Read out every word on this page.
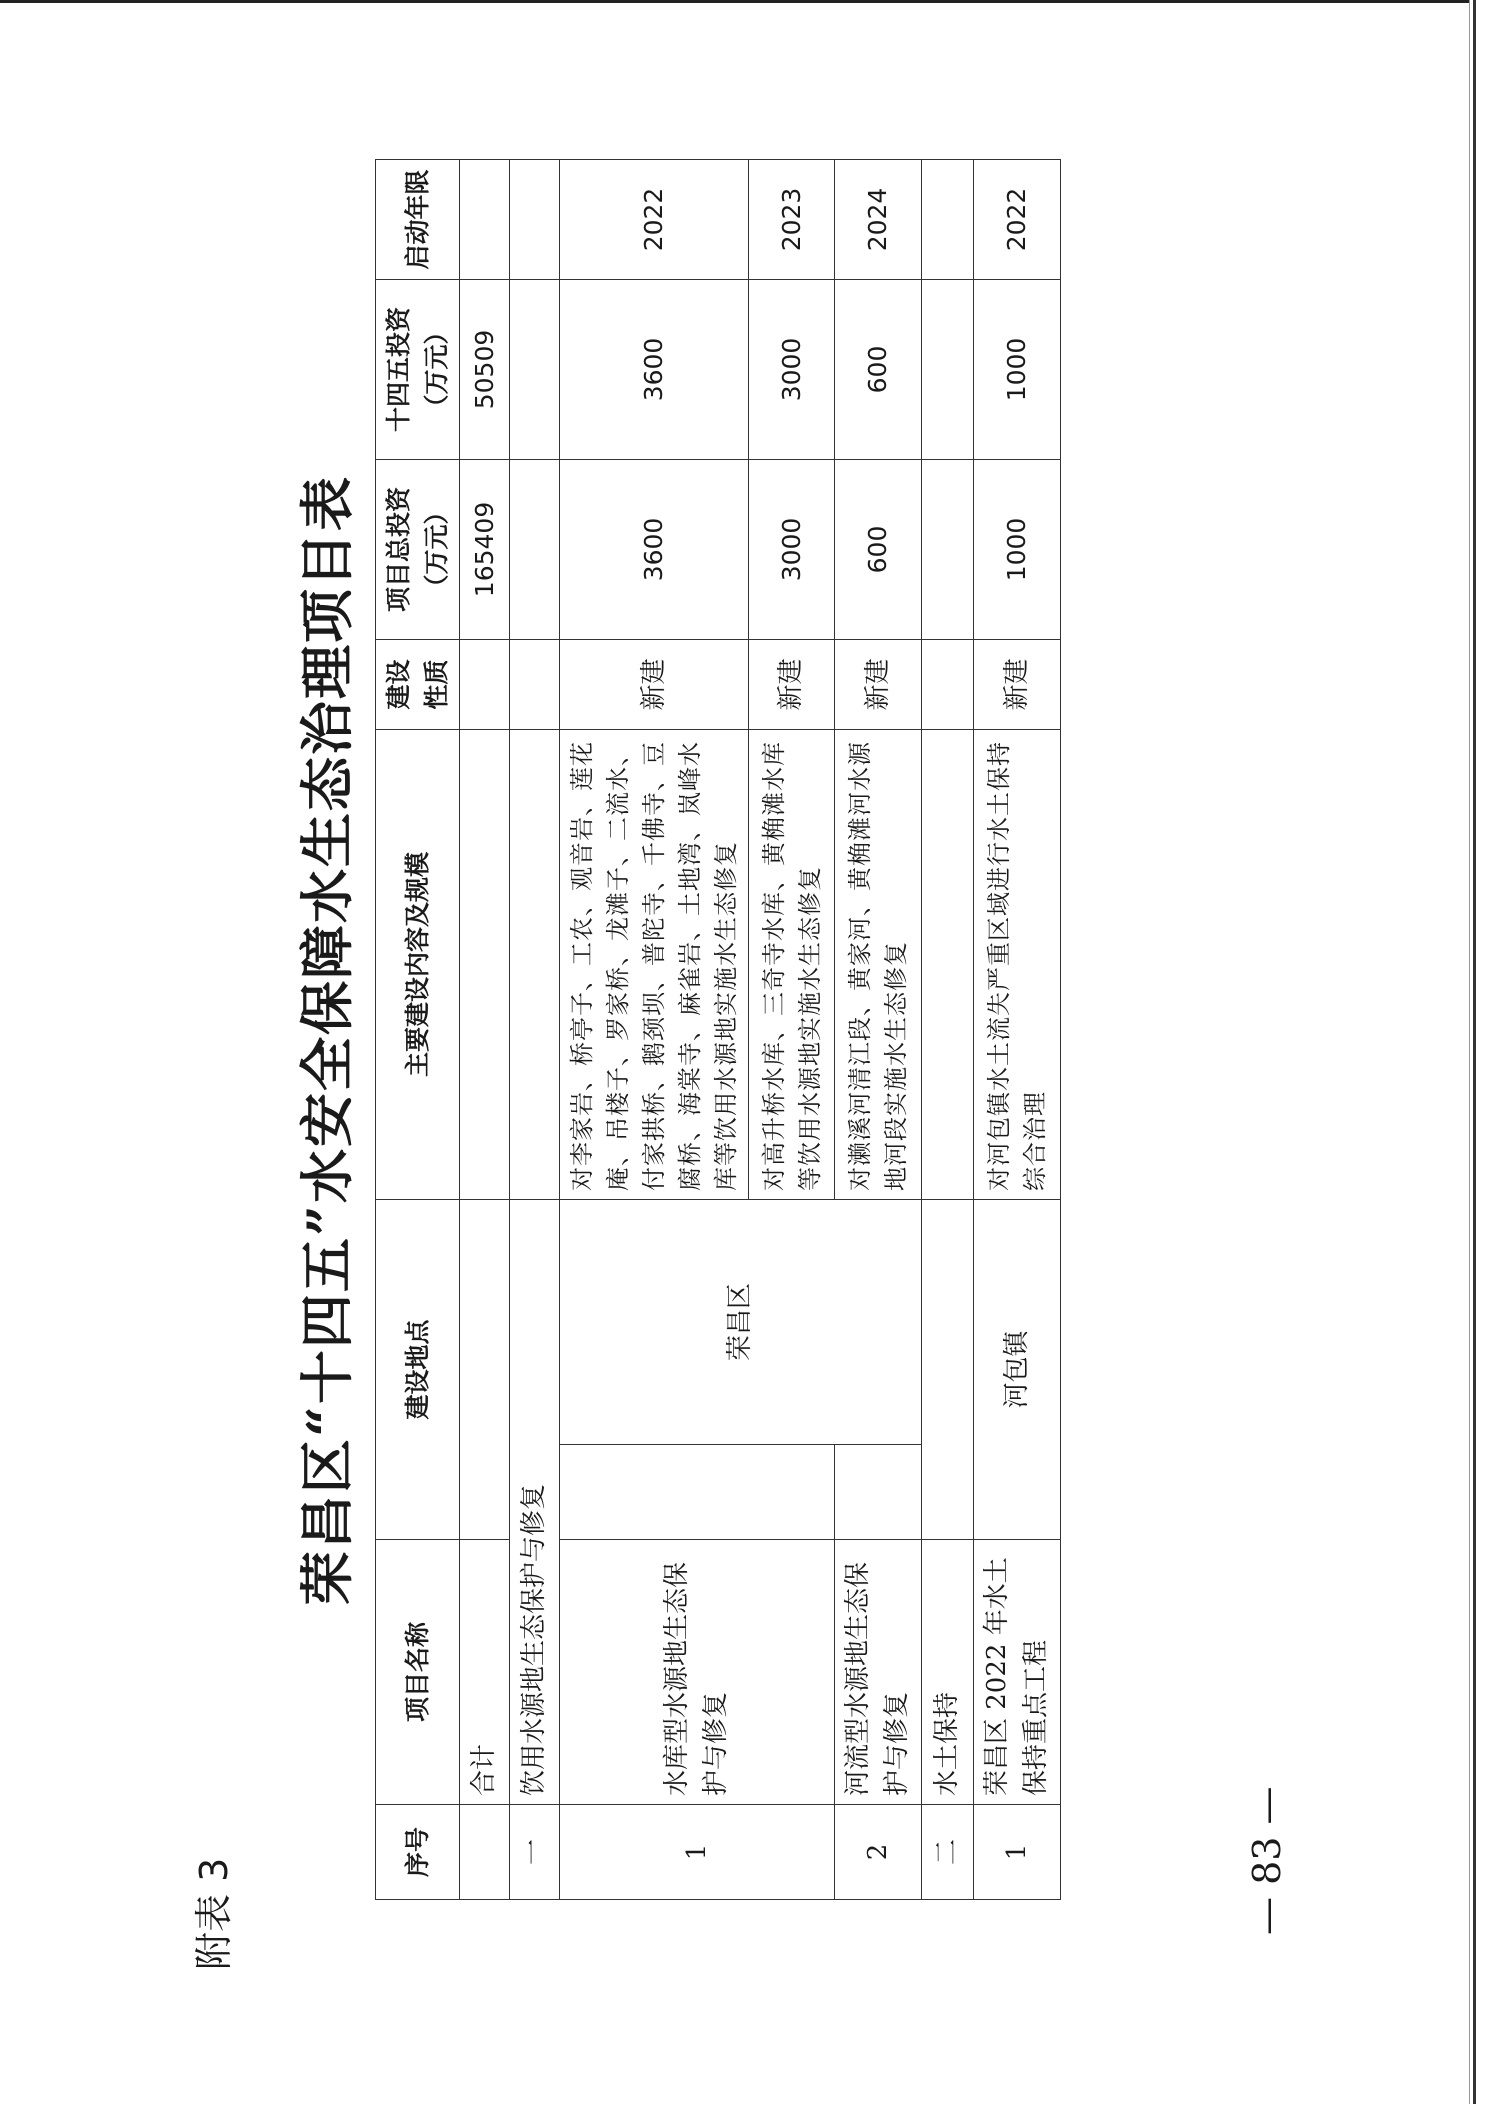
附表 3
荣昌区“十四五”水安全保障水生态治理项目表
序号	项目名称	建设地点		主要建设内容及规模	建设性质	项目总投资（万元）	十四五投资（万元）	启动年限
	合计					165409	50509	
一	饮用水源地生态保护与修复							
1	水库型水源地生态保护与修复		荣昌区	对李家岩、桥亭子、工农、观音岩、莲花庵、吊楼子、罗家桥、龙滩子、二流水、付家拱桥、鹅颈坝、普陀寺、千佛寺、豆腐桥、海棠寺、麻雀岩、土地湾、岚峰水库等饮用水源地实施水生态修复	新建	3600	3600	2022
				对高升桥水库、三奇寺水库、黄桷滩水库等饮用水源地实施水生态修复	新建	3000	3000	2023
2	河流型水源地生态保护与修复			对濑溪河清江段、黄家河、黄桷滩河水源地河段实施水生态修复	新建	600	600	2024
二	水土保持							
1	荣昌区 2022 年水土保持重点工程	河包镇		对河包镇水土流失严重区域进行水土保持综合治理	新建	1000	1000	2022
— 83 —
